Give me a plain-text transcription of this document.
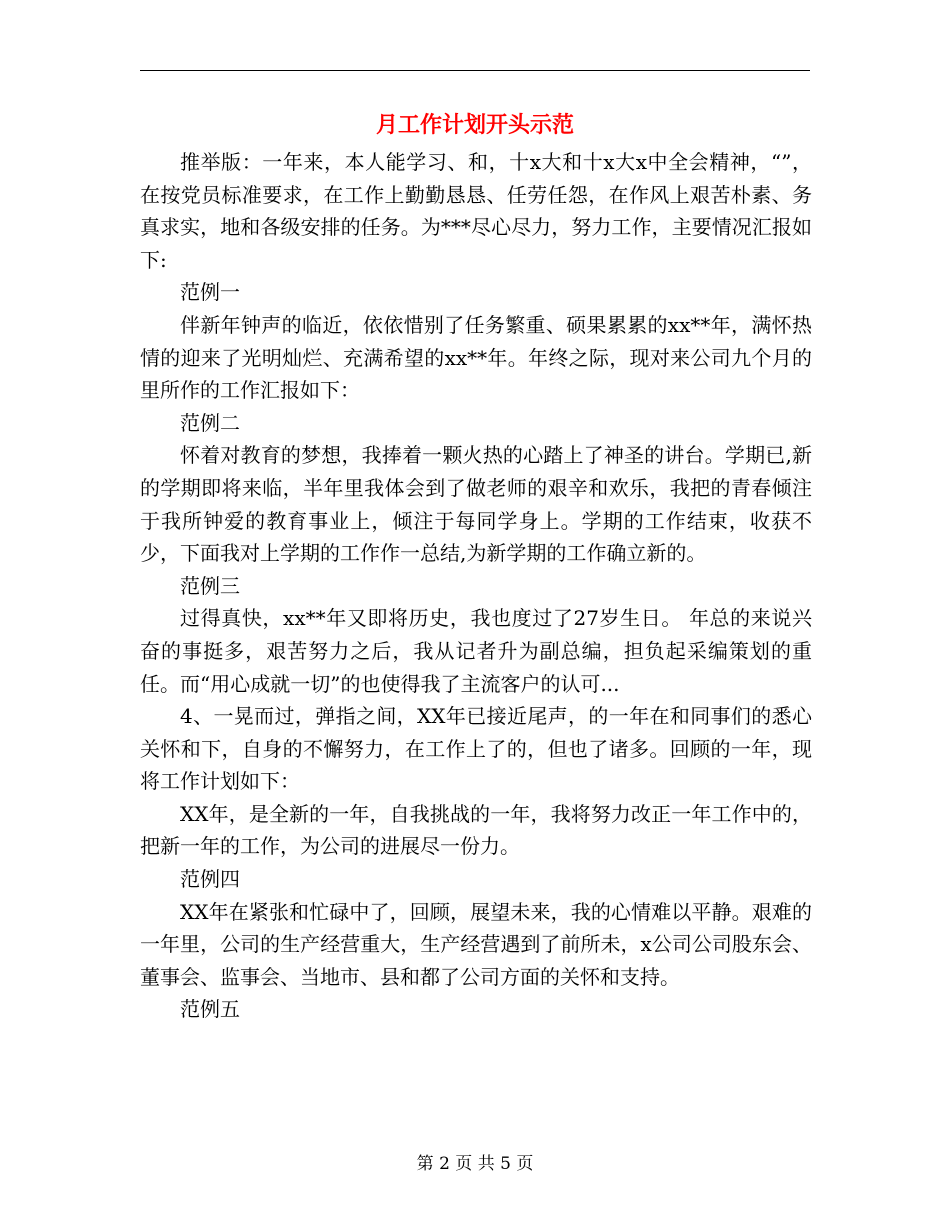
月工作计划开头示范

推举版：一年来，本人能学习、和，十x大和十x大x中全会精神，“”，在按党员标准要求，在工作上勤勤恳恳、任劳任怨，在作风上艰苦朴素、务真求实，地和各级安排的任务。为***尽心尽力，努力工作，主要情况汇报如下:

范例一

伴新年钟声的临近，依依惜别了任务繁重、硕果累累的xx**年，满怀热情的迎来了光明灿烂、充满希望的xx**年。年终之际，现对来公司九个月的里所作的工作汇报如下：

范例二

怀着对教育的梦想，我捧着一颗火热的心踏上了神圣的讲台。学期已,新的学期即将来临，半年里我体会到了做老师的艰辛和欢乐，我把的青春倾注于我所钟爱的教育事业上，倾注于每同学身上。学期的工作结束，收获不少，下面我对上学期的工作作一总结,为新学期的工作确立新的。

范例三

过得真快，xx**年又即将历史，我也度过了27岁生日。 年总的来说兴奋的事挺多，艰苦努力之后，我从记者升为副总编，担负起采编策划的重任。而“用心成就一切”的也使得我了主流客户的认可...

4、一晃而过，弹指之间，XX年已接近尾声，的一年在和同事们的悉心关怀和下，自身的不懈努力，在工作上了的，但也了诸多。回顾的一年，现将工作计划如下：

XX年，是全新的一年，自我挑战的一年，我将努力改正一年工作中的，把新一年的工作，为公司的进展尽一份力。

范例四

XX年在紧张和忙碌中了，回顾，展望未来，我的心情难以平静。艰难的一年里，公司的生产经营重大，生产经营遇到了前所未，x公司公司股东会、董事会、监事会、当地市、县和都了公司方面的关怀和支持。

范例五

第 2 页 共 5 页
